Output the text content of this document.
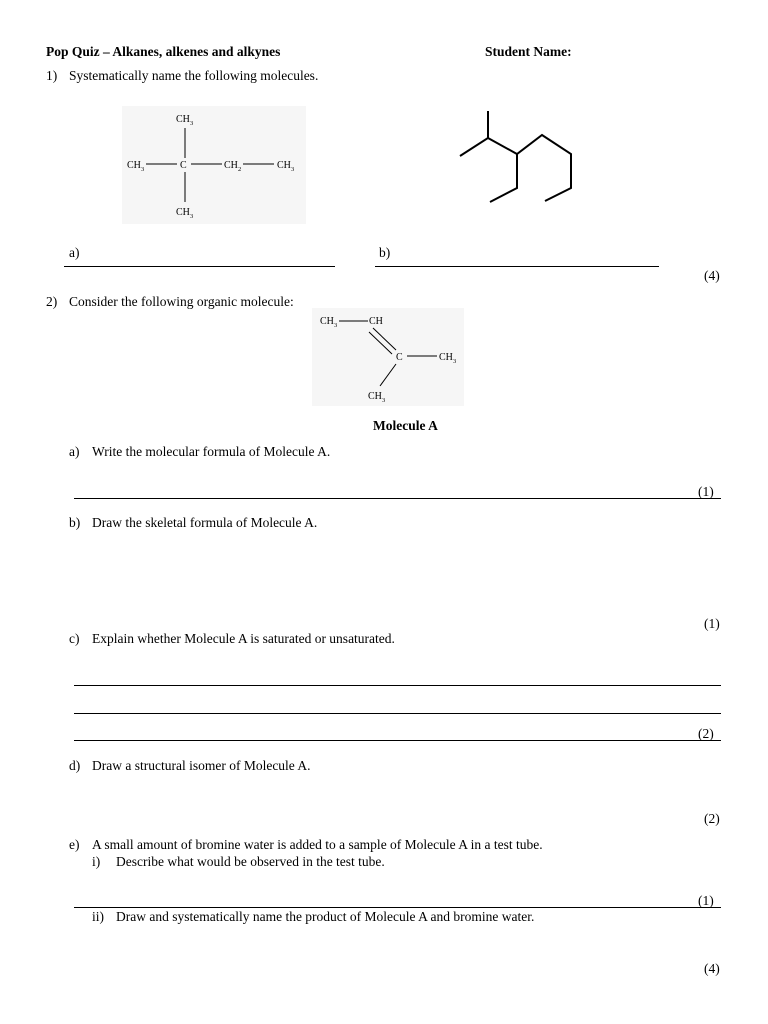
Pop Quiz – Alkanes, alkenes and alkynes	Student Name:
1) Systematically name the following molecules.
CH 3
CH 3	C	CH 2	CH 3
CH 3
a)	b)
(4)
2) Consider the following organic molecule:
CH 3	CH
C	CH 3
CH 3
Molecule A
a) Write the molecular formula of Molecule A.
(1)
b) Draw the skeletal formula of Molecule A.
(1)
c) Explain whether Molecule A is saturated or unsaturated.
(2)
d) Draw a structural isomer of Molecule A.
(2)
e) A small amount of bromine water is added to a sample of Molecule A in a test tube.
i) Describe what would be observed in the test tube.
(1)
ii) Draw and systematically name the product of Molecule A and bromine water.
(4)
